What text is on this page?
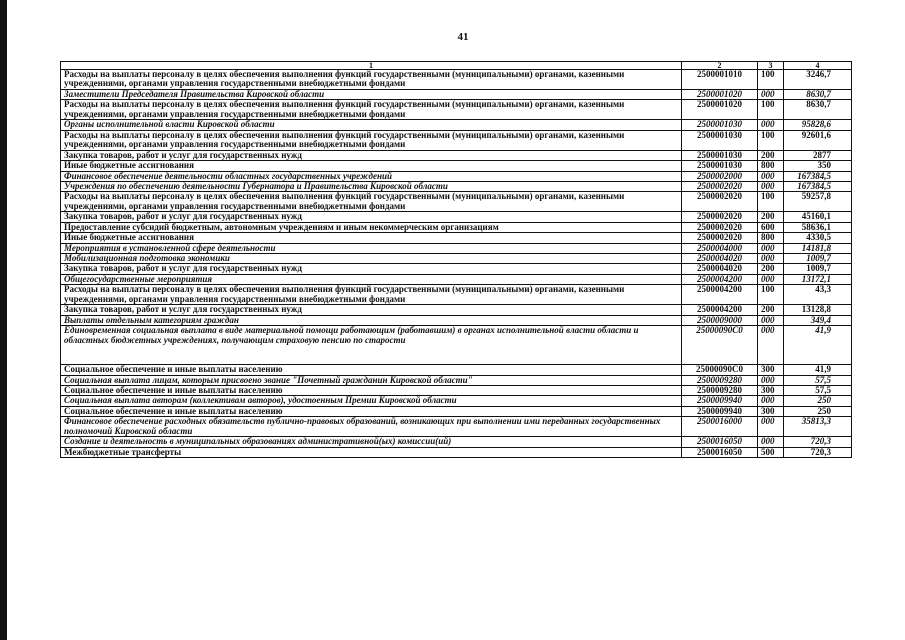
41
1	2	3	4
Расходы на выплаты персоналу в целях обеспечения выполнения функций государственными (муниципальными) органами, казенными учреждениями, органами управления государственными внебюджетными фондами	2500001010	100	3246,7
Заместители Председателя Правительства Кировской области	2500001020	000	8630,7
Расходы на выплаты персоналу в целях обеспечения выполнения функций государственными (муниципальными) органами, казенными учреждениями, органами управления государственными внебюджетными фондами	2500001020	100	8630,7
Органы исполнительной власти Кировской области	2500001030	000	95828,6
Расходы на выплаты персоналу в целях обеспечения выполнения функций государственными (муниципальными) органами, казенными учреждениями, органами управления государственными внебюджетными фондами	2500001030	100	92601,6
Закупка товаров, работ и услуг для государственных нужд	2500001030	200	2877
Иные бюджетные ассигнования	2500001030	800	350
Финансовое обеспечение деятельности областных государственных учреждений	2500002000	000	167384,5
Учреждения по обеспечению деятельности Губернатора и Правительства Кировской области	2500002020	000	167384,5
Расходы на выплаты персоналу в целях обеспечения выполнения функций государственными (муниципальными) органами, казенными учреждениями, органами управления государственными внебюджетными фондами	2500002020	100	59257,8
Закупка товаров, работ и услуг для государственных нужд	2500002020	200	45160,1
Предоставление субсидий бюджетным, автономным учреждениям и иным некоммерческим организациям	2500002020	600	58636,1
Иные бюджетные ассигнования	2500002020	800	4330,5
Мероприятия в установленной сфере деятельности	2500004000	000	14181,8
Мобилизационная подготовка экономики	2500004020	000	1009,7
Закупка товаров, работ и услуг для государственных нужд	2500004020	200	1009,7
Общегосударственные мероприятия	2500004200	000	13172,1
Расходы на выплаты персоналу в целях обеспечения выполнения функций государственными (муниципальными) органами, казенными учреждениями, органами управления государственными внебюджетными фондами	2500004200	100	43,3
Закупка товаров, работ и услуг для государственных нужд	2500004200	200	13128,8
Выплаты отдельным категориям граждан	2500009000	000	349,4
Единовременная социальная выплата в виде материальной помощи работающим (работавшим) в органах исполнительной власти области и областных бюджетных учреждениях, получающим страховую пенсию по старости	25000090С0	000	41,9
Социальное обеспечение и иные выплаты населению	25000090С0	300	41,9
Социальная выплата лицам, которым присвоено звание "Почетный гражданин Кировской области"	2500009280	000	57,5
Социальное обеспечение и иные выплаты населению	2500009280	300	57,5
Социальная выплата авторам (коллективам авторов), удостоенным Премии Кировской области	2500009940	000	250
Социальное обеспечение и иные выплаты населению	2500009940	300	250
Финансовое обеспечение расходных обязательств публично-правовых образований, возникающих при выполнении ими переданных государственных полномочий Кировской области	2500016000	000	35813,3
Создание и деятельность в муниципальных образованиях административной(ых) комиссии(ий)	2500016050	000	720,3
Межбюджетные трансферты	2500016050	500	720,3
